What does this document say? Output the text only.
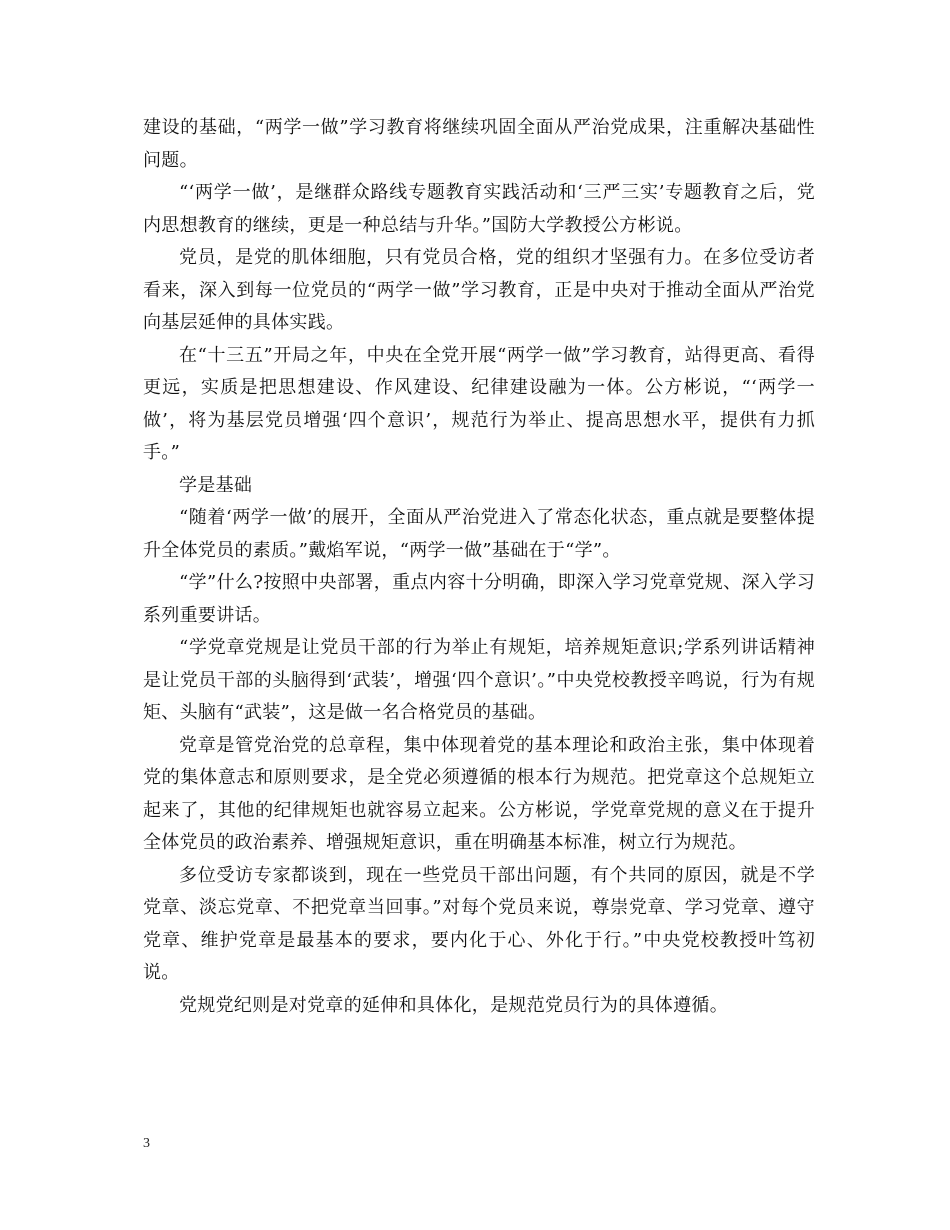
建设的基础，“两学一做”学习教育将继续巩固全面从严治党成果，注重解决基础性问题。

“‘两学一做’，是继群众路线专题教育实践活动和‘三严三实’专题教育之后，党内思想教育的继续，更是一种总结与升华。”国防大学教授公方彬说。

党员，是党的肌体细胞，只有党员合格，党的组织才坚强有力。在多位受访者看来，深入到每一位党员的“两学一做”学习教育，正是中央对于推动全面从严治党向基层延伸的具体实践。

在“十三五”开局之年，中央在全党开展“两学一做”学习教育，站得更高、看得更远，实质是把思想建设、作风建设、纪律建设融为一体。公方彬说，“‘两学一做’，将为基层党员增强‘四个意识’，规范行为举止、提高思想水平，提供有力抓手。”

学是基础

“随着‘两学一做’的展开，全面从严治党进入了常态化状态，重点就是要整体提升全体党员的素质。”戴焰军说，“两学一做”基础在于“学”。

“学”什么?按照中央部署，重点内容十分明确，即深入学习党章党规、深入学习系列重要讲话。

“学党章党规是让党员干部的行为举止有规矩，培养规矩意识;学系列讲话精神是让党员干部的头脑得到‘武装’，增强‘四个意识’。”中央党校教授辛鸣说，行为有规矩、头脑有“武装”，这是做一名合格党员的基础。

党章是管党治党的总章程，集中体现着党的基本理论和政治主张，集中体现着党的集体意志和原则要求，是全党必须遵循的根本行为规范。把党章这个总规矩立起来了，其他的纪律规矩也就容易立起来。公方彬说，学党章党规的意义在于提升全体党员的政治素养、增强规矩意识，重在明确基本标准，树立行为规范。

多位受访专家都谈到，现在一些党员干部出问题，有个共同的原因，就是不学党章、淡忘党章、不把党章当回事。”对每个党员来说，尊崇党章、学习党章、遵守党章、维护党章是最基本的要求，要内化于心、外化于行。”中央党校教授叶笃初说。

党规党纪则是对党章的延伸和具体化，是规范党员行为的具体遵循。

3
